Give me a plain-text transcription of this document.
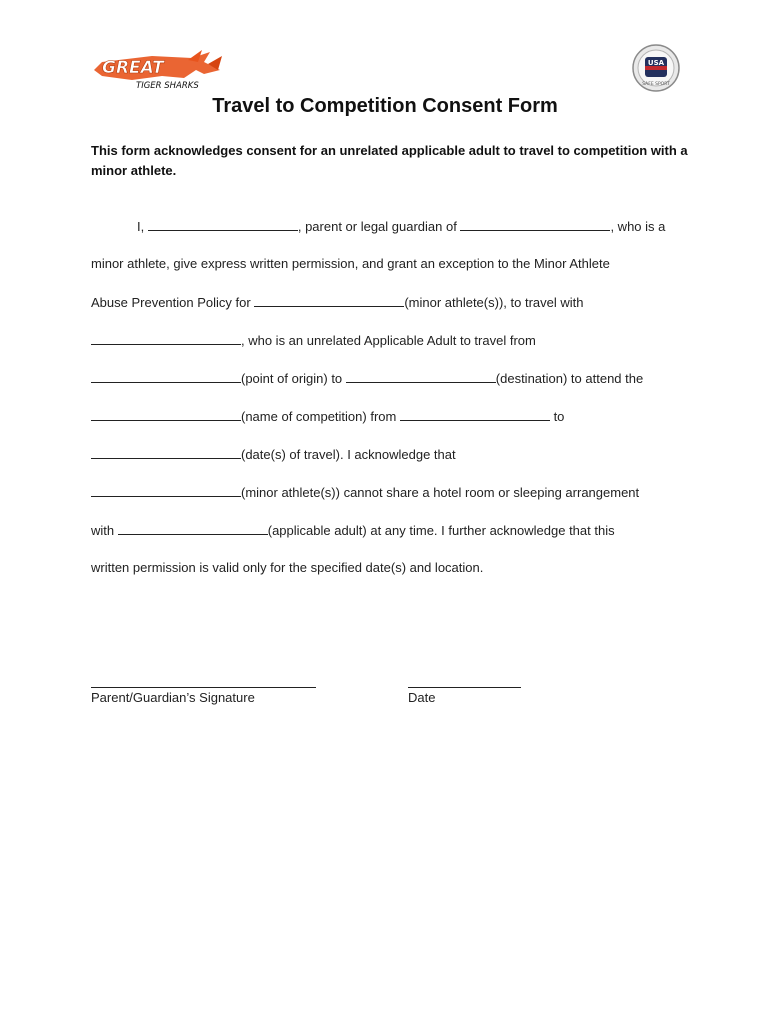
GREAT
TIGER SHARKS
USA
SAFE SPORT
Travel to Competition Consent Form
This form acknowledges consent for an unrelated applicable adult to travel to competition with a minor athlete.
I,	, parent or legal guardian of	, who is a
minor athlete, give express written permission, and grant an exception to the Minor Athlete
Abuse Prevention Policy for	(minor athlete(s)), to travel with
, who is an unrelated Applicable Adult to travel from
(point of origin) to	(destination) to attend the
(name of competition) from	to
(date(s) of travel). I acknowledge that
(minor athlete(s)) cannot share a hotel room or sleeping arrangement
with	(applicable adult) at any time. I further acknowledge that this
written permission is valid only for the specified date(s) and location.
Parent/Guardian’s Signature	Date
